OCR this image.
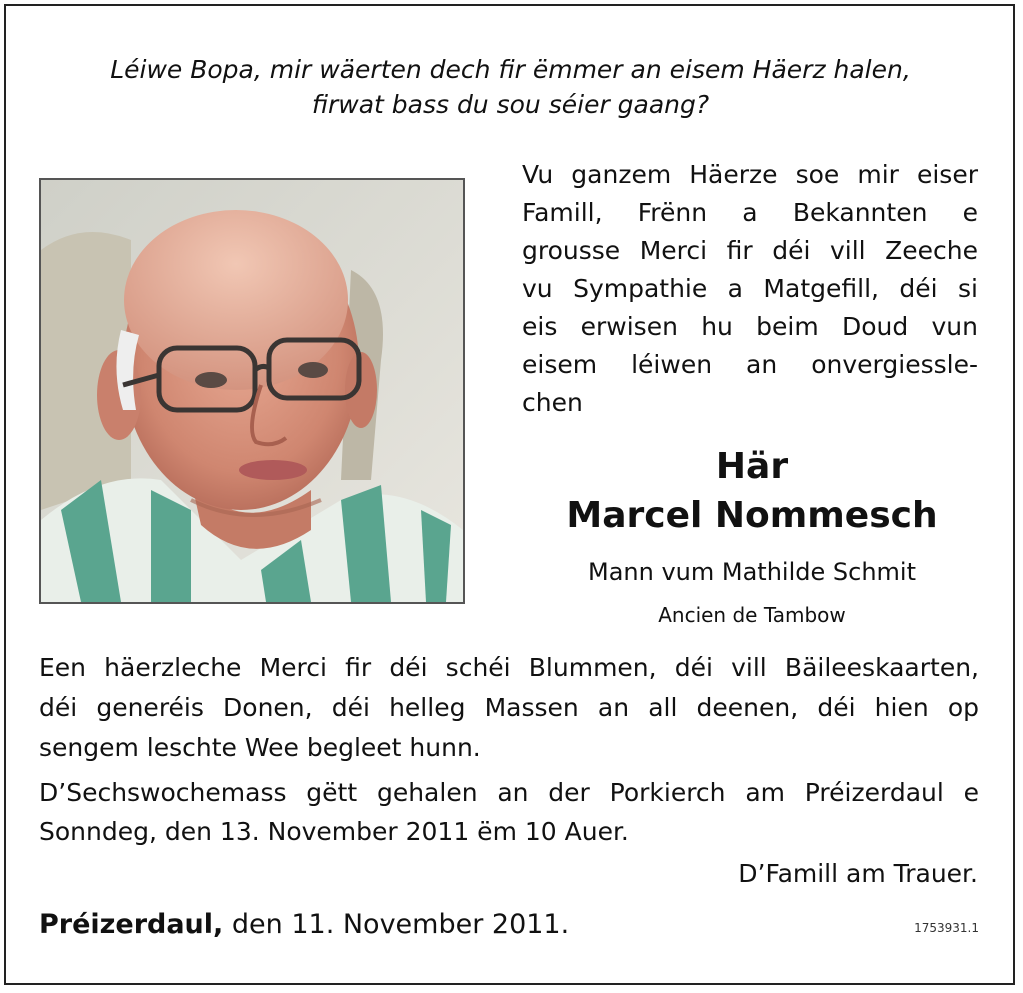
Léiwe Bopa, mir wäerten dech fir ëmmer an eisem Häerz halen,
firwat bass du sou séier gaang?
Vu ganzem Häerze soe mir eiser
Famill, Frënn a Bekannten e
grousse Merci fir déi vill Zeeche
vu Sympathie a Matgefill, déi si
eis erwisen hu beim Doud vun
eisem léiwen an onvergiessle-
chen
Här
Marcel Nommesch
Mann vum Mathilde Schmit
Ancien de Tambow
Een häerzleche Merci fir déi schéi Blummen, déi vill Bäileeskaarten,
déi generéis Donen, déi helleg Massen an all deenen, déi hien op
sengem leschte Wee begleet hunn.
D’Sechswochemass gëtt gehalen an der Porkierch am Préizerdaul e
Sonndeg, den 13. November 2011 ëm 10 Auer.
D’Famill am Trauer.
Préizerdaul, den 11. November 2011.	1753931.1
